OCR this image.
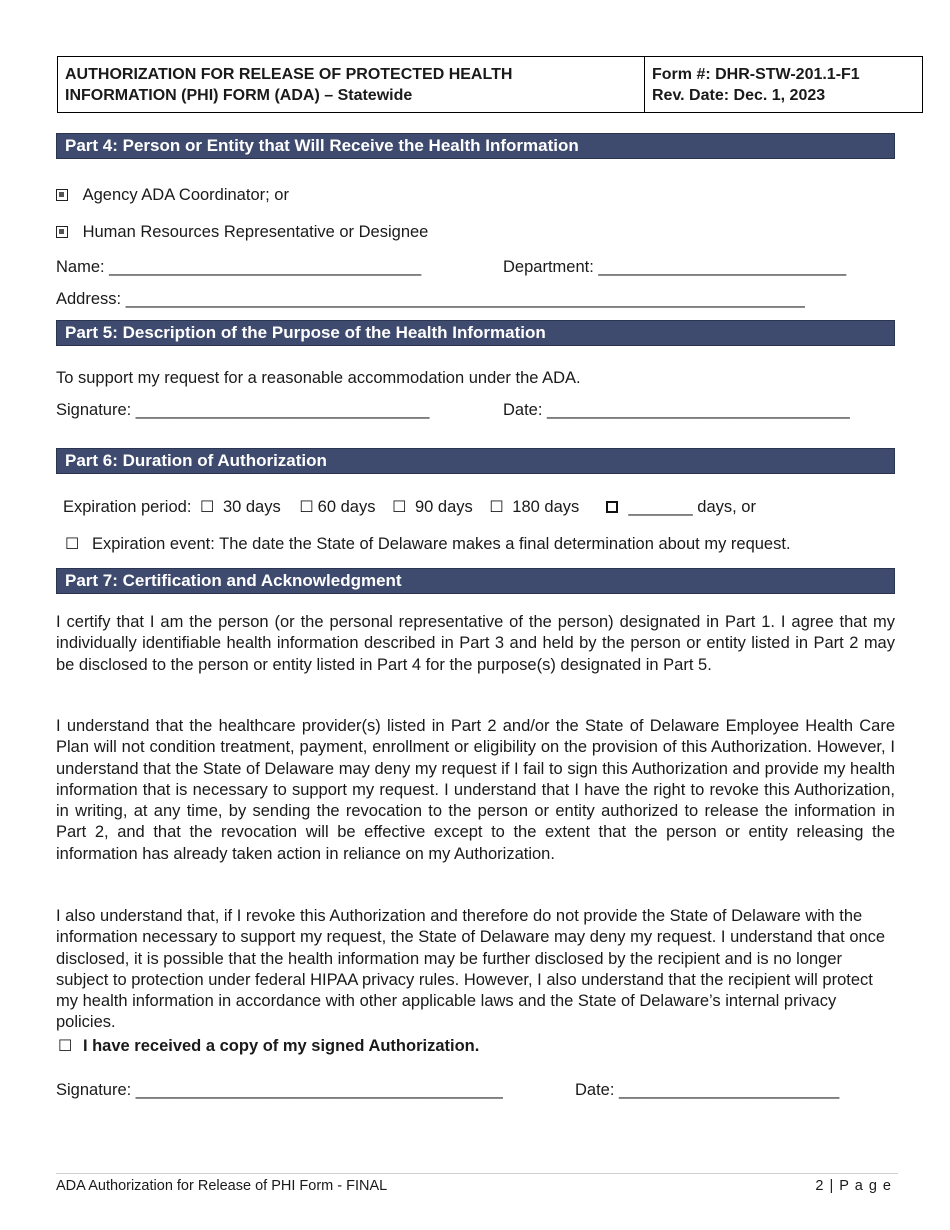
AUTHORIZATION FOR RELEASE OF PROTECTED HEALTH
INFORMATION (PHI) FORM (ADA) – Statewide
Form #: DHR-STW-201.1-F1
Rev. Date: Dec. 1, 2023
Part 4: Person or Entity that Will Receive the Health Information
Agency ADA Coordinator; or
Human Resources Representative or Designee
Name: __________________________________	Department: ___________________________
Address: __________________________________________________________________________
Part 5: Description of the Purpose of the Health Information
To support my request for a reasonable accommodation under the ADA.
Signature: ________________________________	Date: _________________________________
Part 6: Duration of Authorization
Expiration period: ☐ 30 days ☐ 60 days ☐ 90 days ☐ 180 days	_______ days, or
☐ Expiration event: The date the State of Delaware makes a final determination about my request.
Part 7: Certification and Acknowledgment
I certify that I am the person (or the personal representative of the person) designated in Part 1. I agree that my individually identifiable health information described in Part 3 and held by the person or entity listed in Part 2 may be disclosed to the person or entity listed in Part 4 for the purpose(s) designated in Part 5.
I understand that the healthcare provider(s) listed in Part 2 and/or the State of Delaware Employee Health Care Plan will not condition treatment, payment, enrollment or eligibility on the provision of this Authorization. However, I understand that the State of Delaware may deny my request if I fail to sign this Authorization and provide my health information that is necessary to support my request. I understand that I have the right to revoke this Authorization, in writing, at any time, by sending the revocation to the person or entity authorized to release the information in Part 2, and that the revocation will be effective except to the extent that the person or entity releasing the information has already taken action in reliance on my Authorization.
I also understand that, if I revoke this Authorization and therefore do not provide the State of Delaware with the information necessary to support my request, the State of Delaware may deny my request. I understand that once disclosed, it is possible that the health information may be further disclosed by the recipient and is no longer subject to protection under federal HIPAA privacy rules. However, I also understand that the recipient will protect my health information in accordance with other applicable laws and the State of Delaware’s internal privacy policies.
☐ I have received a copy of my signed Authorization.
Signature: ________________________________________	Date: ________________________
ADA Authorization for Release of PHI Form - FINAL	2 | P a g e
